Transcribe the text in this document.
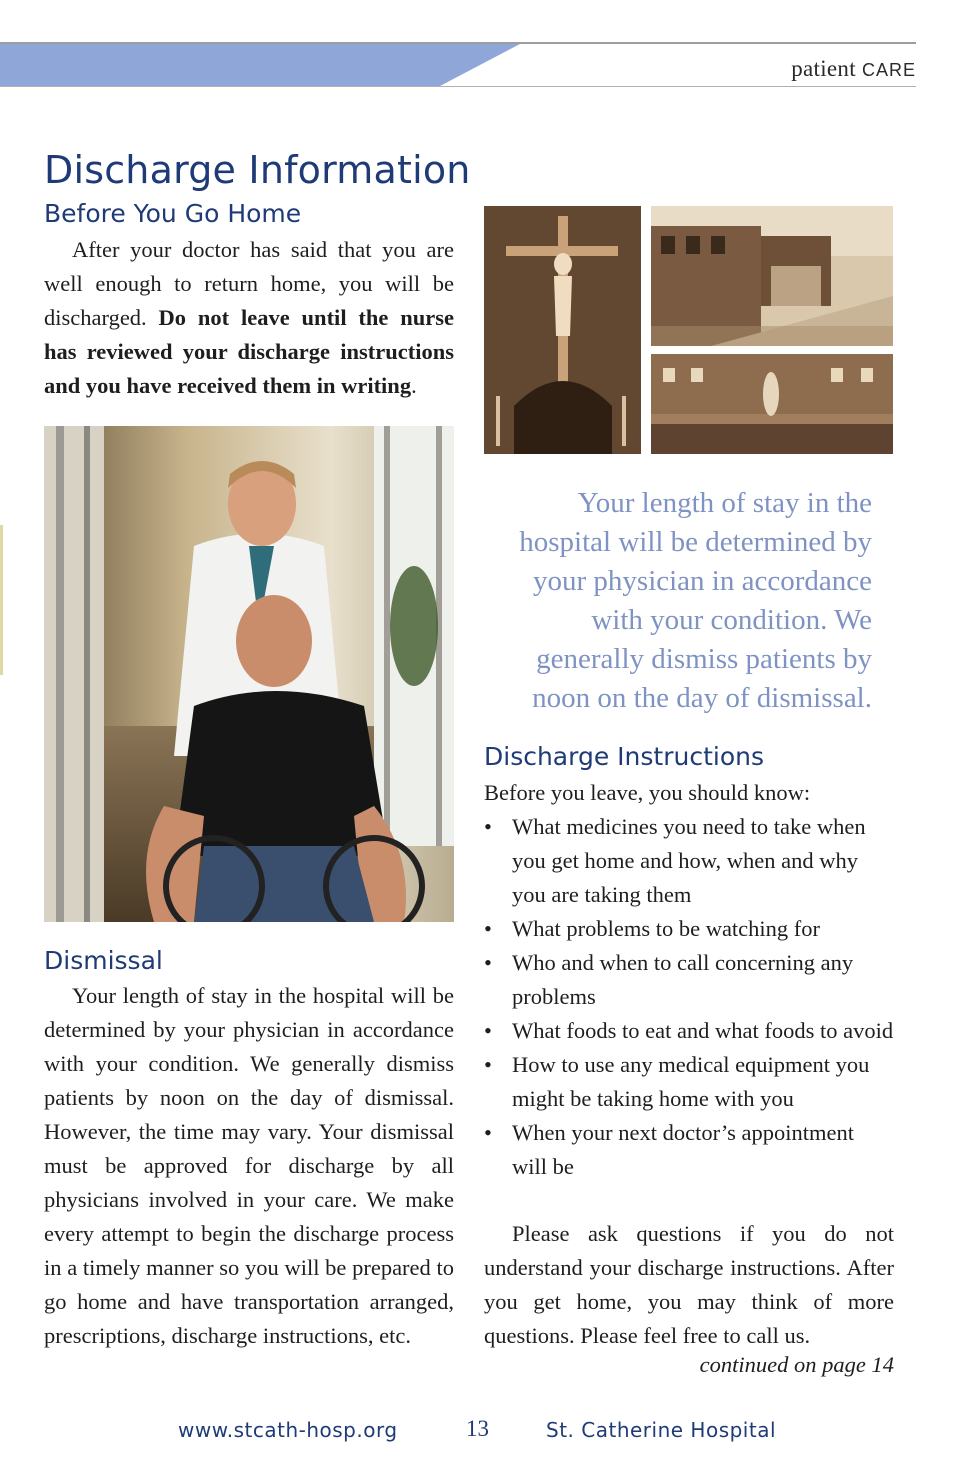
patient CARE
Discharge Information
Before You Go Home

After your doctor has said that you are well enough to return home, you will be discharged. Do not leave until the nurse has reviewed your discharge instructions and you have received them in writing.

Dismissal

Your length of stay in the hospital will be determined by your physician in accordance with your condition. We generally dismiss patients by noon on the day of dismissal. However, the time may vary. Your dismissal must be approved for discharge by all physicians involved in your care. We make every attempt to begin the discharge process in a timely manner so you will be prepared to go home and have transportation arranged, prescriptions, discharge instructions, etc.

Your length of stay in the hospital will be determined by your physician in accordance with your condition. We generally dismiss patients by noon on the day of dismissal.

Discharge Instructions

Before you leave, you should know:

• What medicines you need to take when you get home and how, when and why you are taking them
• What problems to be watching for
• Who and when to call concerning any problems
• What foods to eat and what foods to avoid
• How to use any medical equipment you might be taking home with you
• When your next doctor’s appointment will be

Please ask questions if you do not understand your discharge instructions. After you get home, you may think of more questions. Please feel free to call us.

continued on page 14

www.stcath-hosp.org	13	St. Catherine Hospital
